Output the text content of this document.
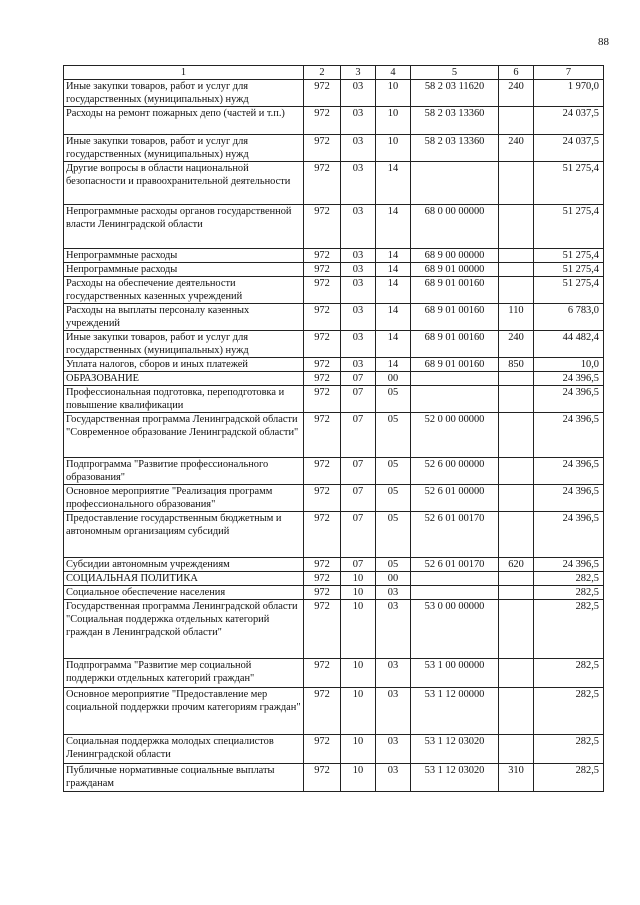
88
1	2	3	4	5	6	7
Иные закупки товаров, работ и услуг для государственных (муниципальных) нужд	972	03	10	58 2 03 11620	240	1 970,0
Расходы на ремонт пожарных депо (частей и т.п.)	972	03	10	58 2 03 13360		24 037,5
Иные закупки товаров, работ и услуг для государственных (муниципальных) нужд	972	03	10	58 2 03 13360	240	24 037,5
Другие вопросы в области национальной безопасности и правоохранительной деятельности	972	03	14			51 275,4
Непрограммные расходы органов государственной власти Ленинградской области	972	03	14	68 0 00 00000		51 275,4
Непрограммные расходы	972	03	14	68 9 00 00000		51 275,4
Непрограммные расходы	972	03	14	68 9 01 00000		51 275,4
Расходы на обеспечение деятельности государственных казенных учреждений	972	03	14	68 9 01 00160		51 275,4
Расходы на выплаты персоналу казенных учреждений	972	03	14	68 9 01 00160	110	6 783,0
Иные закупки товаров, работ и услуг для государственных (муниципальных) нужд	972	03	14	68 9 01 00160	240	44 482,4
Уплата налогов, сборов и иных платежей	972	03	14	68 9 01 00160	850	10,0
ОБРАЗОВАНИЕ	972	07	00			24 396,5
Профессиональная подготовка, переподготовка и повышение квалификации	972	07	05			24 396,5
Государственная программа Ленинградской области "Современное образование Ленинградской области"	972	07	05	52 0 00 00000		24 396,5
Подпрограмма "Развитие профессионального образования"	972	07	05	52 6 00 00000		24 396,5
Основное мероприятие "Реализация программ профессионального образования"	972	07	05	52 6 01 00000		24 396,5
Предоставление государственным бюджетным и автономным организациям субсидий	972	07	05	52 6 01 00170		24 396,5
Субсидии автономным учреждениям	972	07	05	52 6 01 00170	620	24 396,5
СОЦИАЛЬНАЯ ПОЛИТИКА	972	10	00			282,5
Социальное обеспечение населения	972	10	03			282,5
Государственная программа Ленинградской области "Социальная поддержка отдельных категорий граждан в Ленинградской области"	972	10	03	53 0 00 00000		282,5
Подпрограмма "Развитие мер социальной поддержки отдельных категорий граждан"	972	10	03	53 1 00 00000		282,5
Основное мероприятие "Предоставление мер социальной поддержки прочим категориям граждан"	972	10	03	53 1 12 00000		282,5
Социальная поддержка молодых специалистов Ленинградской области	972	10	03	53 1 12 03020		282,5
Публичные нормативные социальные выплаты гражданам	972	10	03	53 1 12 03020	310	282,5
